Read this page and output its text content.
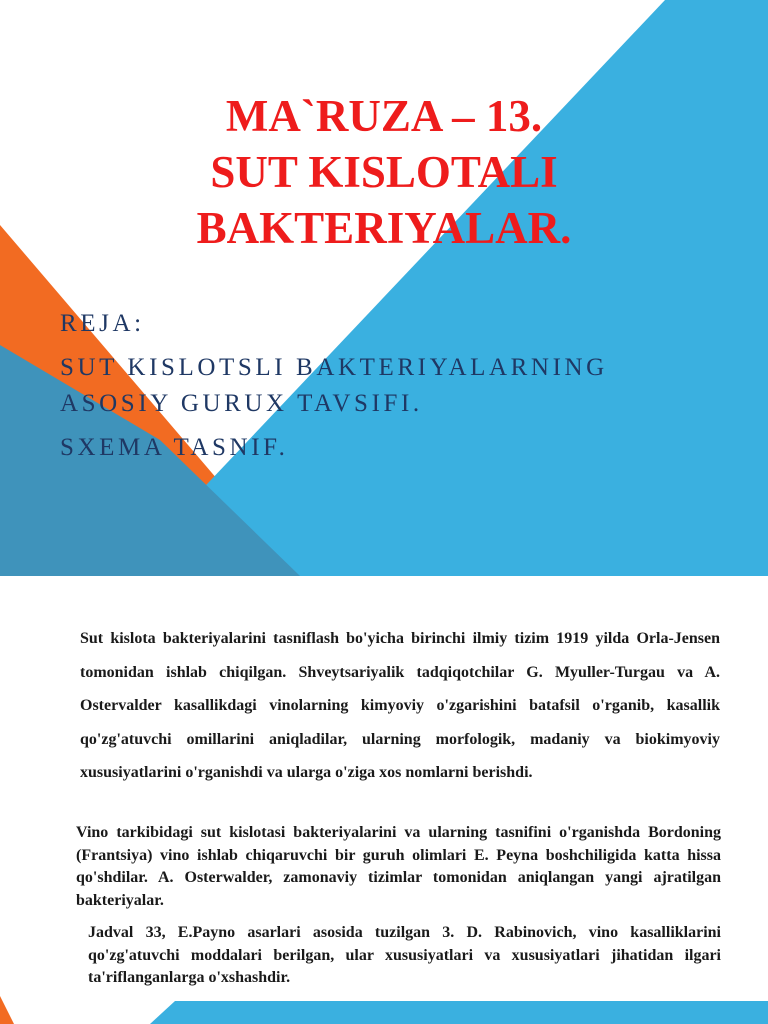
MA`RUZA – 13.
SUT KISLOTALI
BAKTERIYALAR.
REJA:
SUT KISLOTSLI BAKTERIYALARNING
ASOSIY GURUX TAVSIFI.
SXEMA TASNIF.

Sut kislota bakteriyalarini tasniflash bo'yicha birinchi ilmiy tizim 1919 yilda Orla-Jensen tomonidan ishlab chiqilgan. Shveytsariyalik tadqiqotchilar G. Myuller-Turgau va A. Ostervalder kasallikdagi vinolarning kimyoviy o'zgarishini batafsil o'rganib, kasallik qo'zg'atuvchi omillarini aniqladilar, ularning morfologik, madaniy va biokimyoviy xususiyatlarini o'rganishdi va ularga o'ziga xos nomlarni berishdi.

Vino tarkibidagi sut kislotasi bakteriyalarini va ularning tasnifini o'rganishda Bordoning (Frantsiya) vino ishlab chiqaruvchi bir guruh olimlari E. Peyna boshchiligida katta hissa qo'shdilar. A. Osterwalder, zamonaviy tizimlar tomonidan aniqlangan yangi ajratilgan bakteriyalar.

Jadval 33, E.Payno asarlari asosida tuzilgan 3. D. Rabinovich, vino kasalliklarini qo'zg'atuvchi moddalari berilgan, ular xususiyatlari va xususiyatlari jihatidan ilgari ta'riflanganlarga o'xshashdir.
